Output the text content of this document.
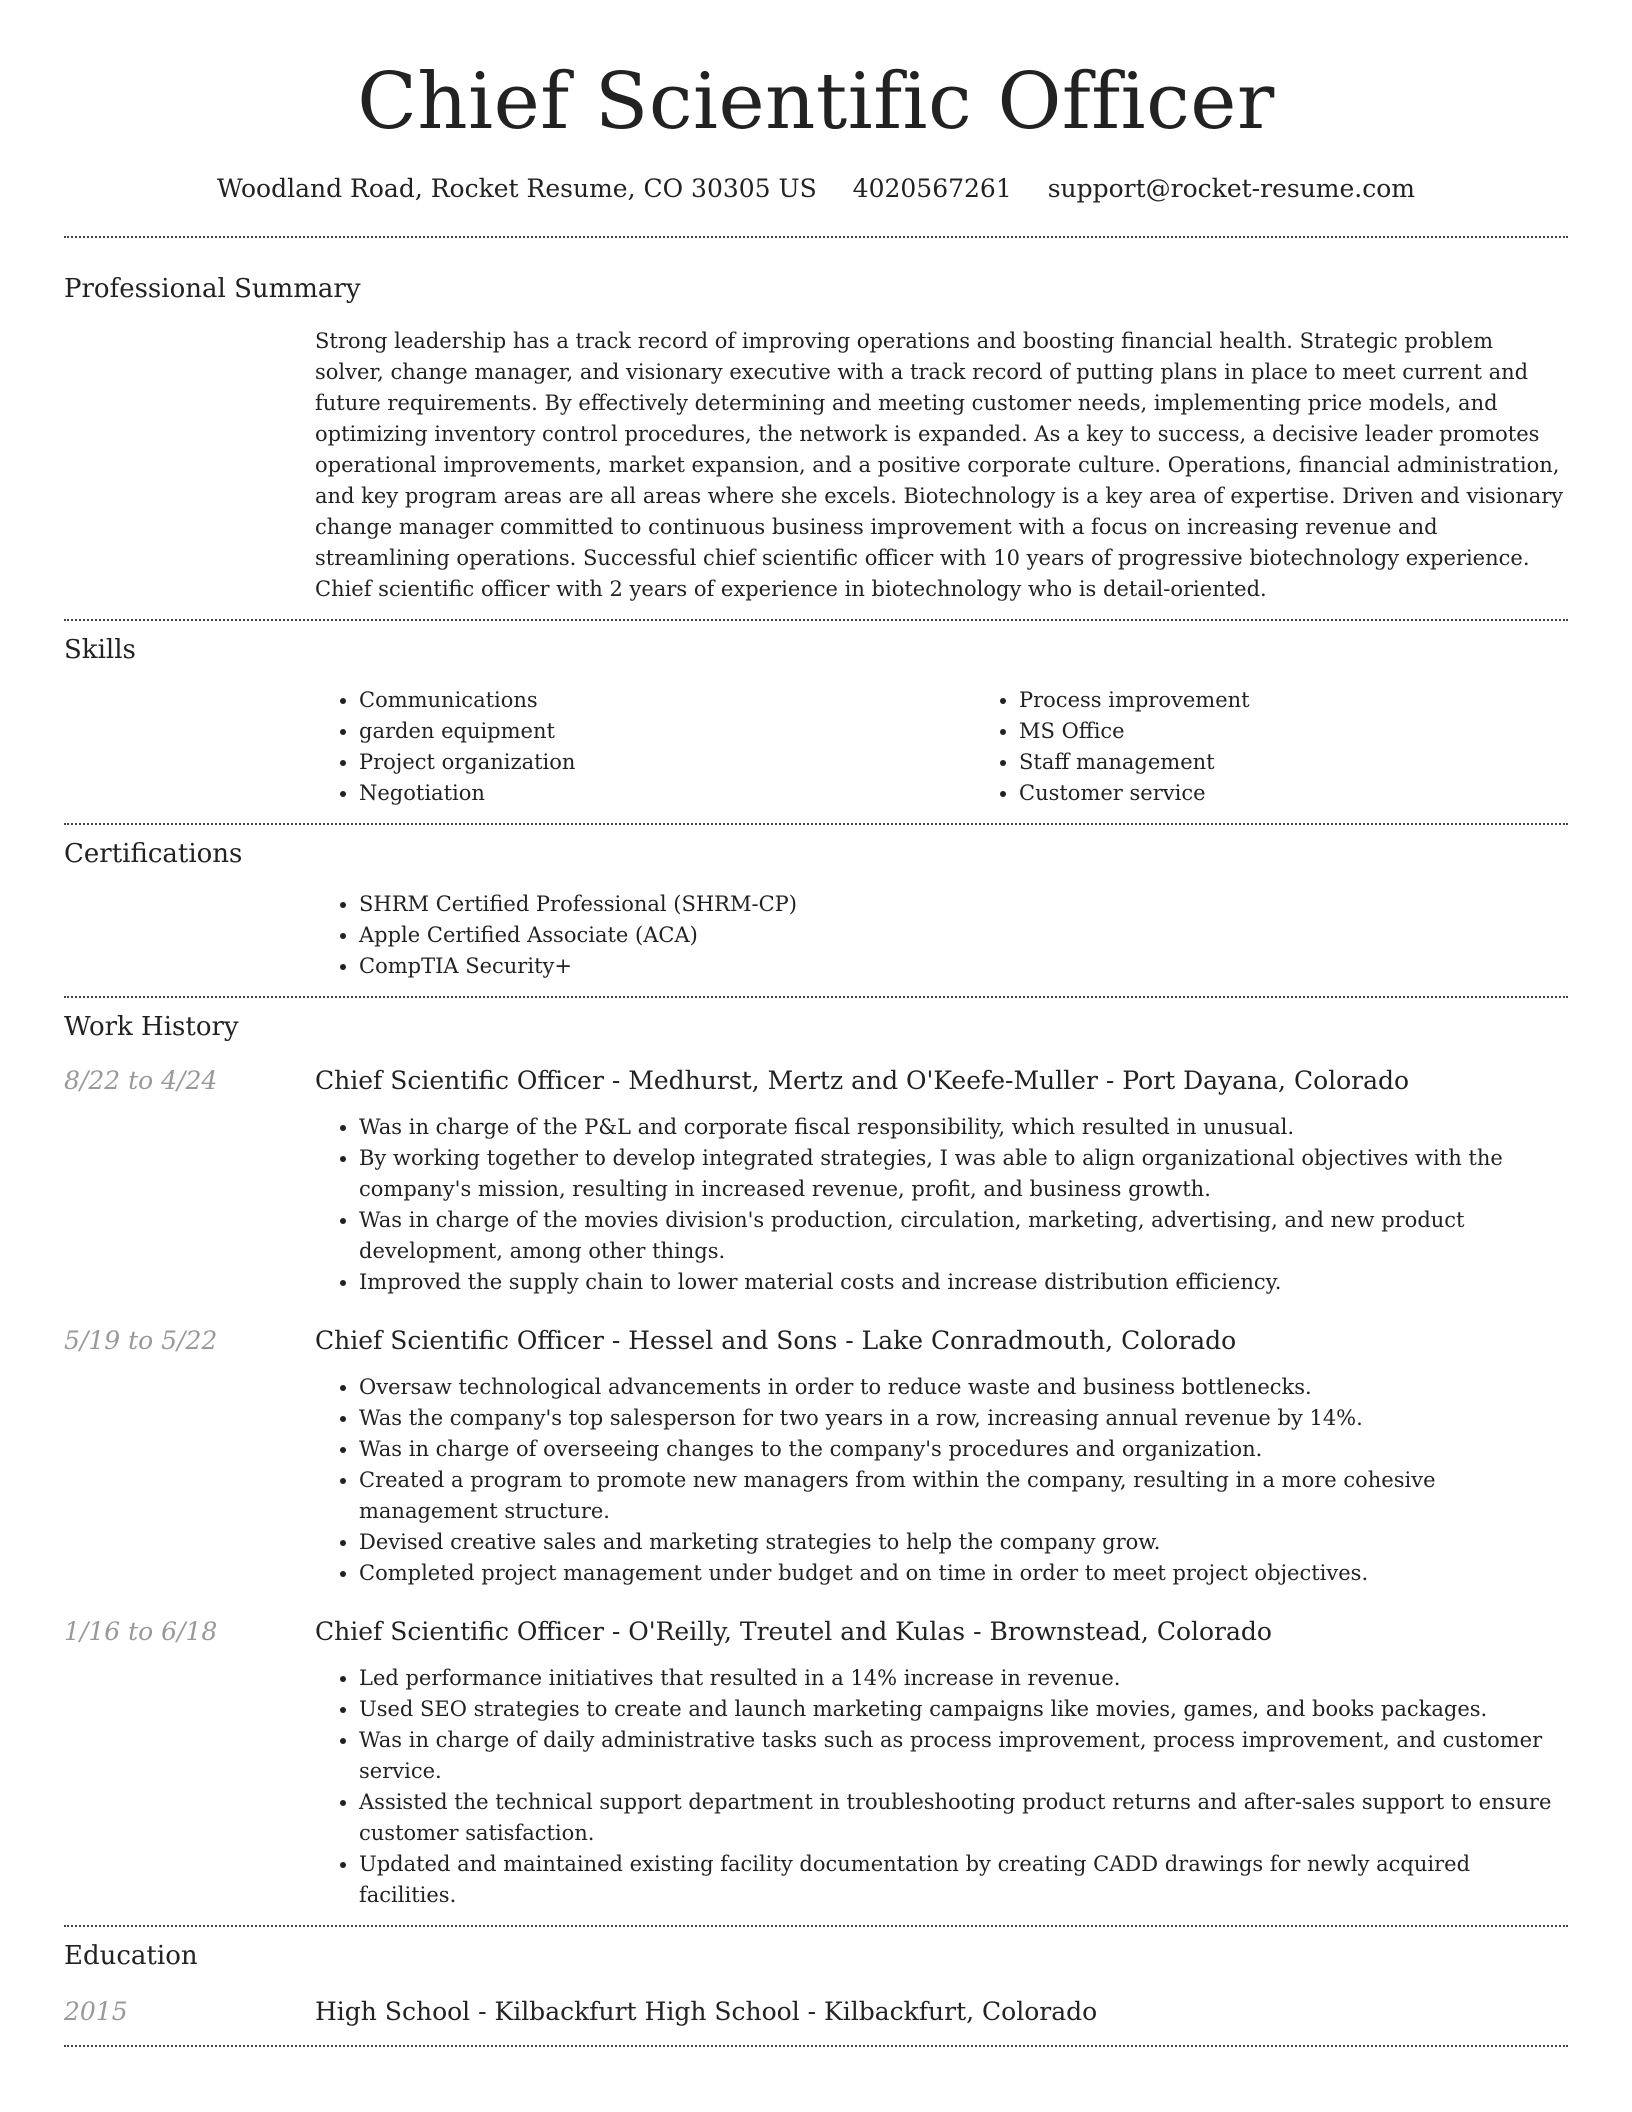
Chief Scientific Officer
Woodland Road, Rocket Resume, CO 30305 US 4020567261 support@rocket-resume.com
Professional Summary

Strong leadership has a track record of improving operations and boosting financial health. Strategic problem solver, change manager, and visionary executive with a track record of putting plans in place to meet current and future requirements. By effectively determining and meeting customer needs, implementing price models, and optimizing inventory control procedures, the network is expanded. As a key to success, a decisive leader promotes operational improvements, market expansion, and a positive corporate culture. Operations, financial administration, and key program areas are all areas where she excels. Biotechnology is a key area of expertise. Driven and visionary change manager committed to continuous business improvement with a focus on increasing revenue and streamlining operations. Successful chief scientific officer with 10 years of progressive biotechnology experience. Chief scientific officer with 2 years of experience in biotechnology who is detail-oriented.

Skills
• Communications
• garden equipment
• Project organization
• Negotiation
• Process improvement
• MS Office
• Staff management
• Customer service
Certifications
• SHRM Certified Professional (SHRM-CP)
• Apple Certified Associate (ACA)
• CompTIA Security+
Work History
8/22 to 4/24	Chief Scientific Officer - Medhurst, Mertz and O'Keefe-Muller - Port Dayana, Colorado
• Was in charge of the P&L and corporate fiscal responsibility, which resulted in unusual.
• By working together to develop integrated strategies, I was able to align organizational objectives with the company's mission, resulting in increased revenue, profit, and business growth.
• Was in charge of the movies division's production, circulation, marketing, advertising, and new product development, among other things.
• Improved the supply chain to lower material costs and increase distribution efficiency.
5/19 to 5/22	Chief Scientific Officer - Hessel and Sons - Lake Conradmouth, Colorado
• Oversaw technological advancements in order to reduce waste and business bottlenecks.
• Was the company's top salesperson for two years in a row, increasing annual revenue by 14%.
• Was in charge of overseeing changes to the company's procedures and organization.
• Created a program to promote new managers from within the company, resulting in a more cohesive management structure.
• Devised creative sales and marketing strategies to help the company grow.
• Completed project management under budget and on time in order to meet project objectives.
1/16 to 6/18	Chief Scientific Officer - O'Reilly, Treutel and Kulas - Brownstead, Colorado
• Led performance initiatives that resulted in a 14% increase in revenue.
• Used SEO strategies to create and launch marketing campaigns like movies, games, and books packages.
• Was in charge of daily administrative tasks such as process improvement, process improvement, and customer service.
• Assisted the technical support department in troubleshooting product returns and after-sales support to ensure customer satisfaction.
• Updated and maintained existing facility documentation by creating CADD drawings for newly acquired facilities.
Education
2015	High School - Kilbackfurt High School - Kilbackfurt, Colorado
